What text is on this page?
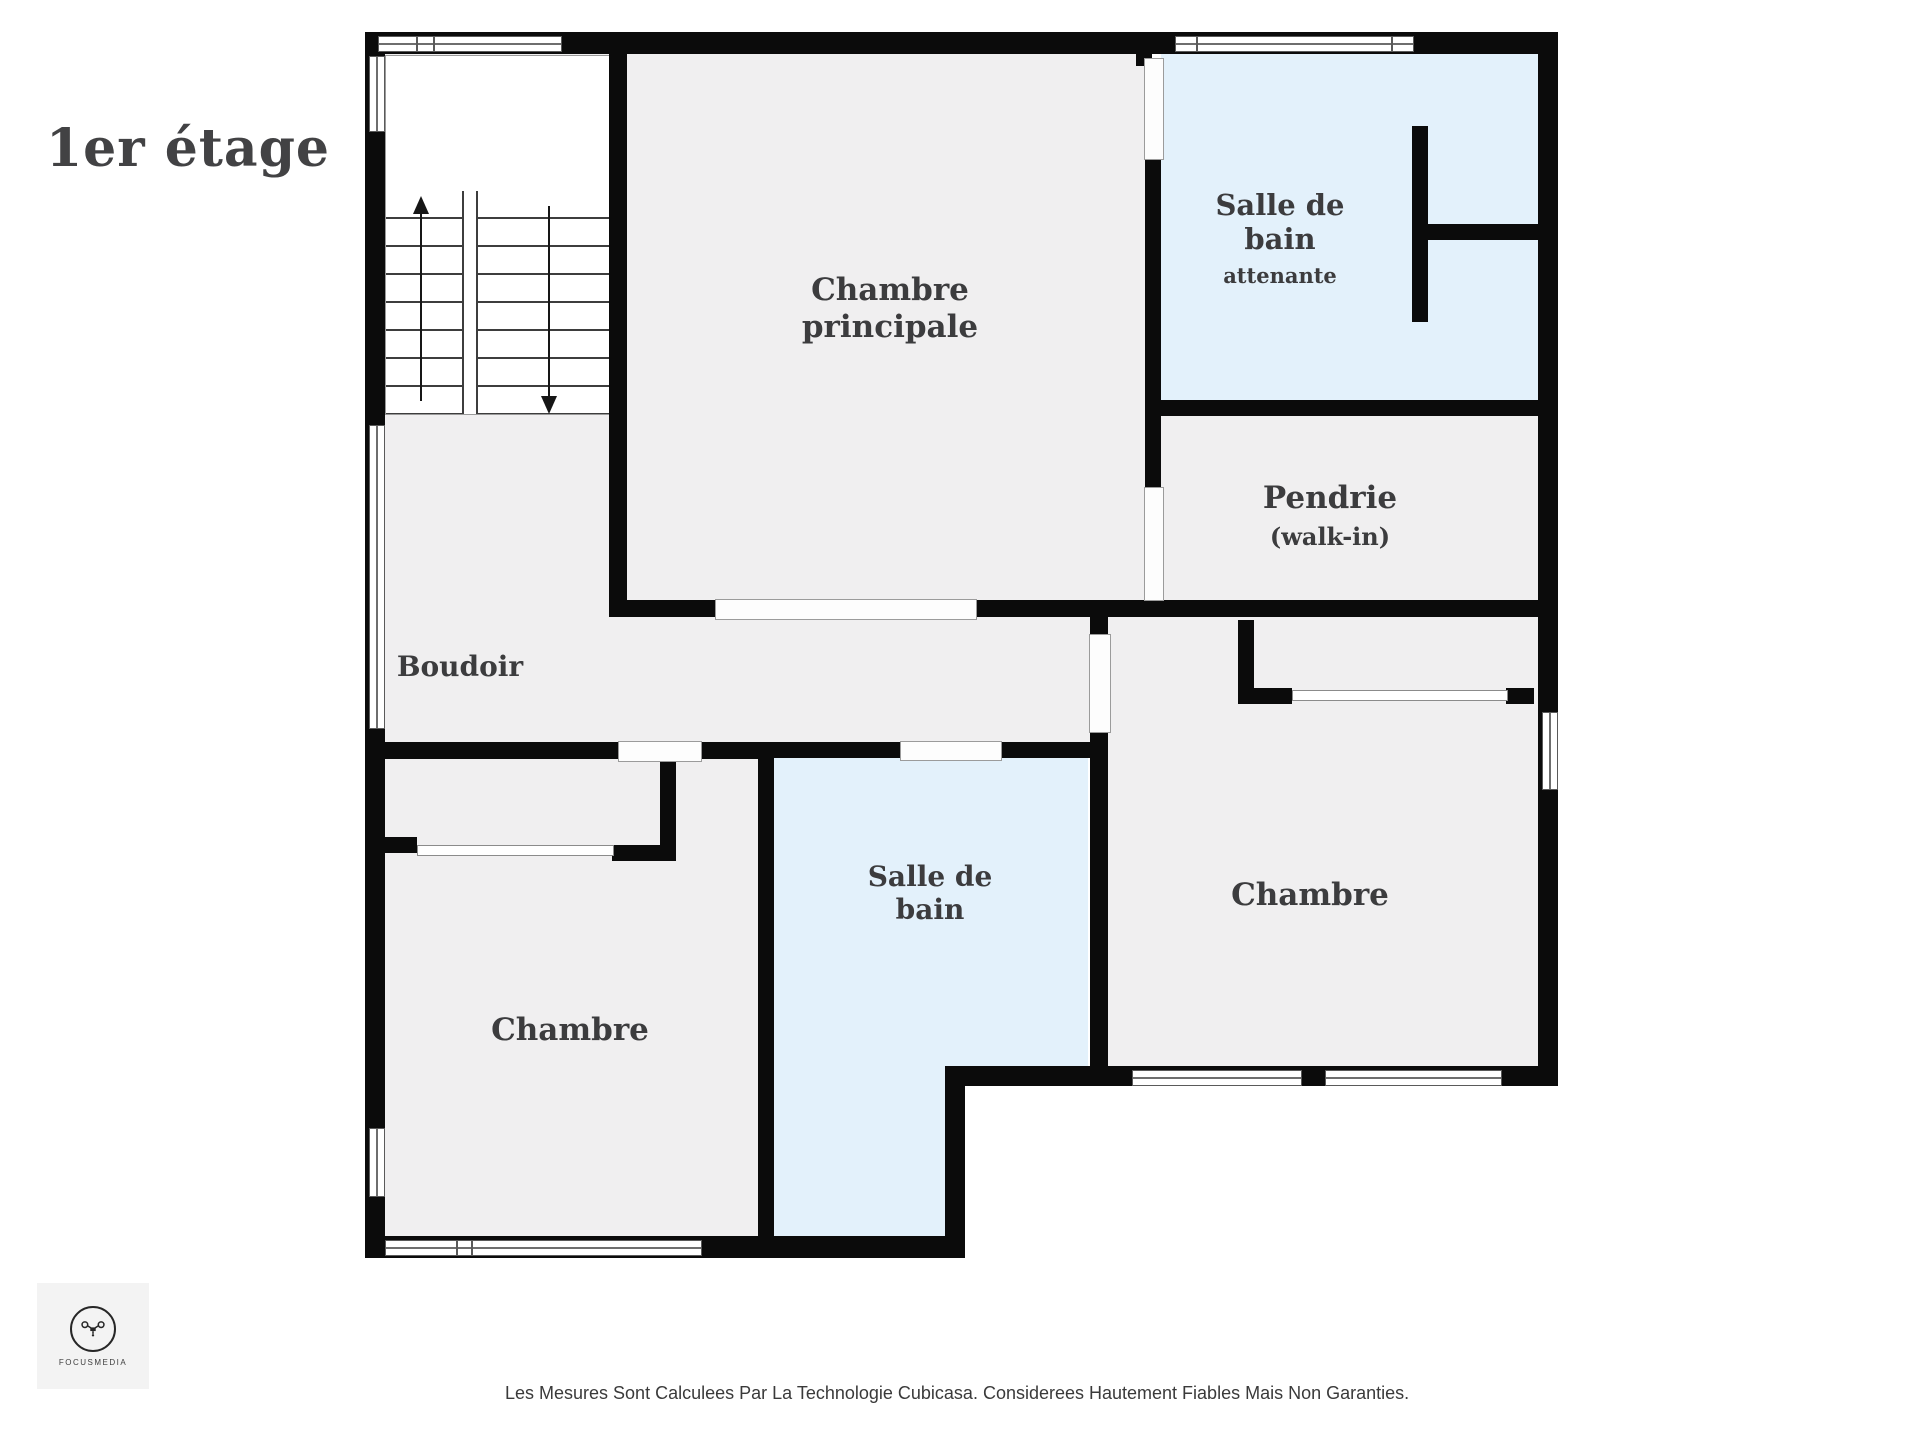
1er étage
Chambre principale
Salle de bain
attenante
Pendrie
(walk-in)
Boudoir
Chambre
Salle de bain	Chambre
FOCUSMEDIA
Les Mesures Sont Calculees Par La Technologie Cubicasa. Considerees Hautement Fiables Mais Non Garanties.
